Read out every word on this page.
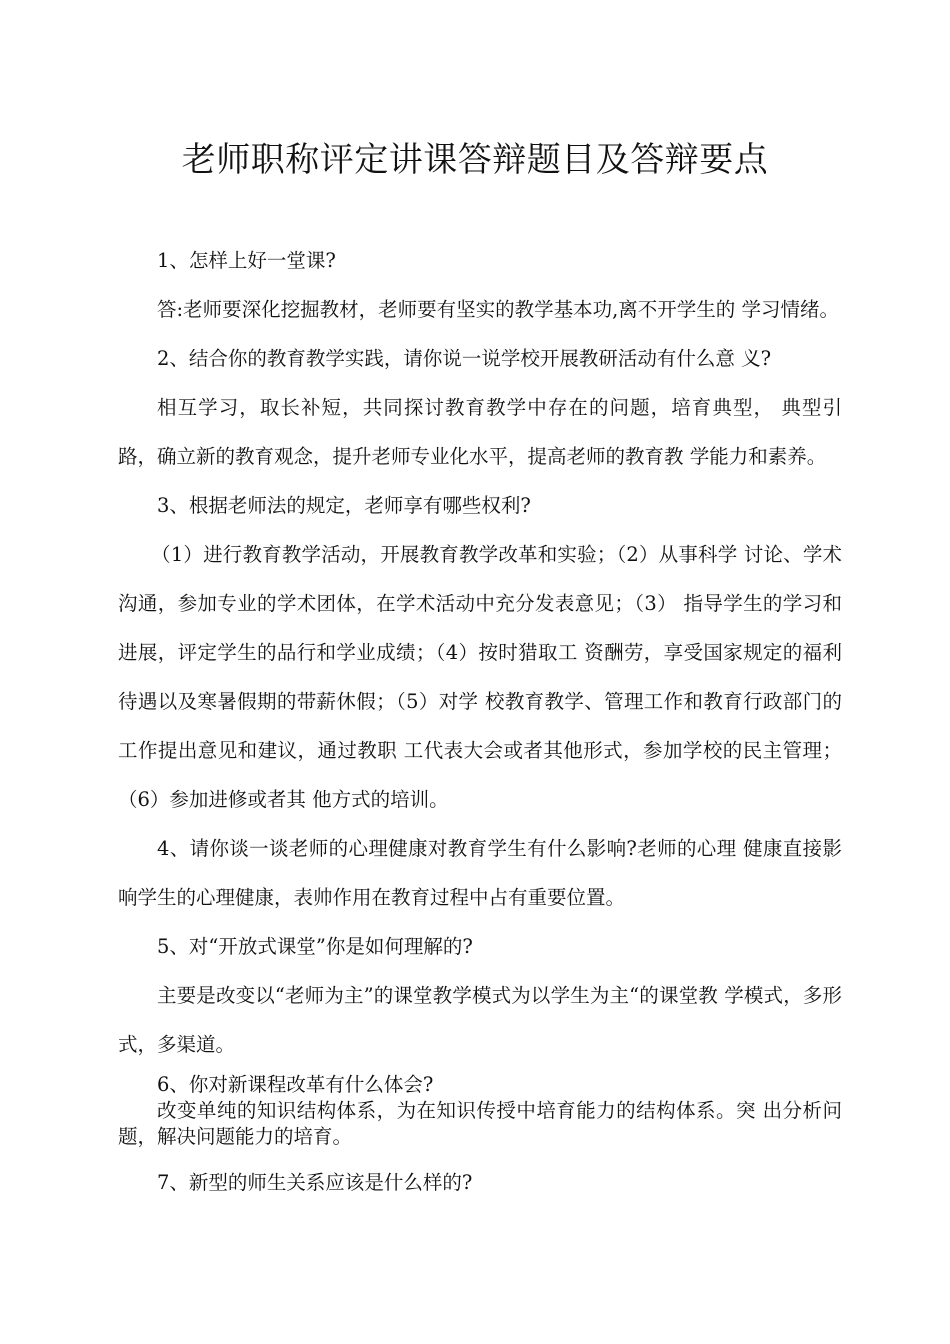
老师职称评定讲课答辩题目及答辩要点

1、怎样上好一堂课?

答:老师要深化挖掘教材，老师要有坚实的教学基本功,离不开学生的 学习情绪。

2、结合你的教育教学实践，请你说一说学校开展教研活动有什么意 义?

相互学习，取长补短，共同探讨教育教学中存在的问题，培育典型， 典型引路，确立新的教育观念，提升老师专业化水平，提高老师的教育教 学能力和素养。

3、根据老师法的规定，老师享有哪些权利?

（1）进行教育教学活动，开展教育教学改革和实验；（2）从事科学 讨论、学术沟通，参加专业的学术团体，在学术活动中充分发表意见；（3） 指导学生的学习和进展，评定学生的品行和学业成绩；（4）按时猎取工 资酬劳，享受国家规定的福利待遇以及寒暑假期的带薪休假；（5）对学 校教育教学、管理工作和教育行政部门的工作提出意见和建议，通过教职 工代表大会或者其他形式，参加学校的民主管理；（6）参加进修或者其 他方式的培训。

4、请你谈一谈老师的心理健康对教育学生有什么影响?老师的心理 健康直接影响学生的心理健康，表帅作用在教育过程中占有重要位置。

5、对“开放式课堂”你是如何理解的?

主要是改变以“老师为主”的课堂教学模式为以学生为主“的课堂教 学模式，多形式，多渠道。

6、你对新课程改革有什么体会?

改变单纯的知识结构体系，为在知识传授中培育能力的结构体系。突 出分析问题，解决问题能力的培育。

7、新型的师生关系应该是什么样的?
